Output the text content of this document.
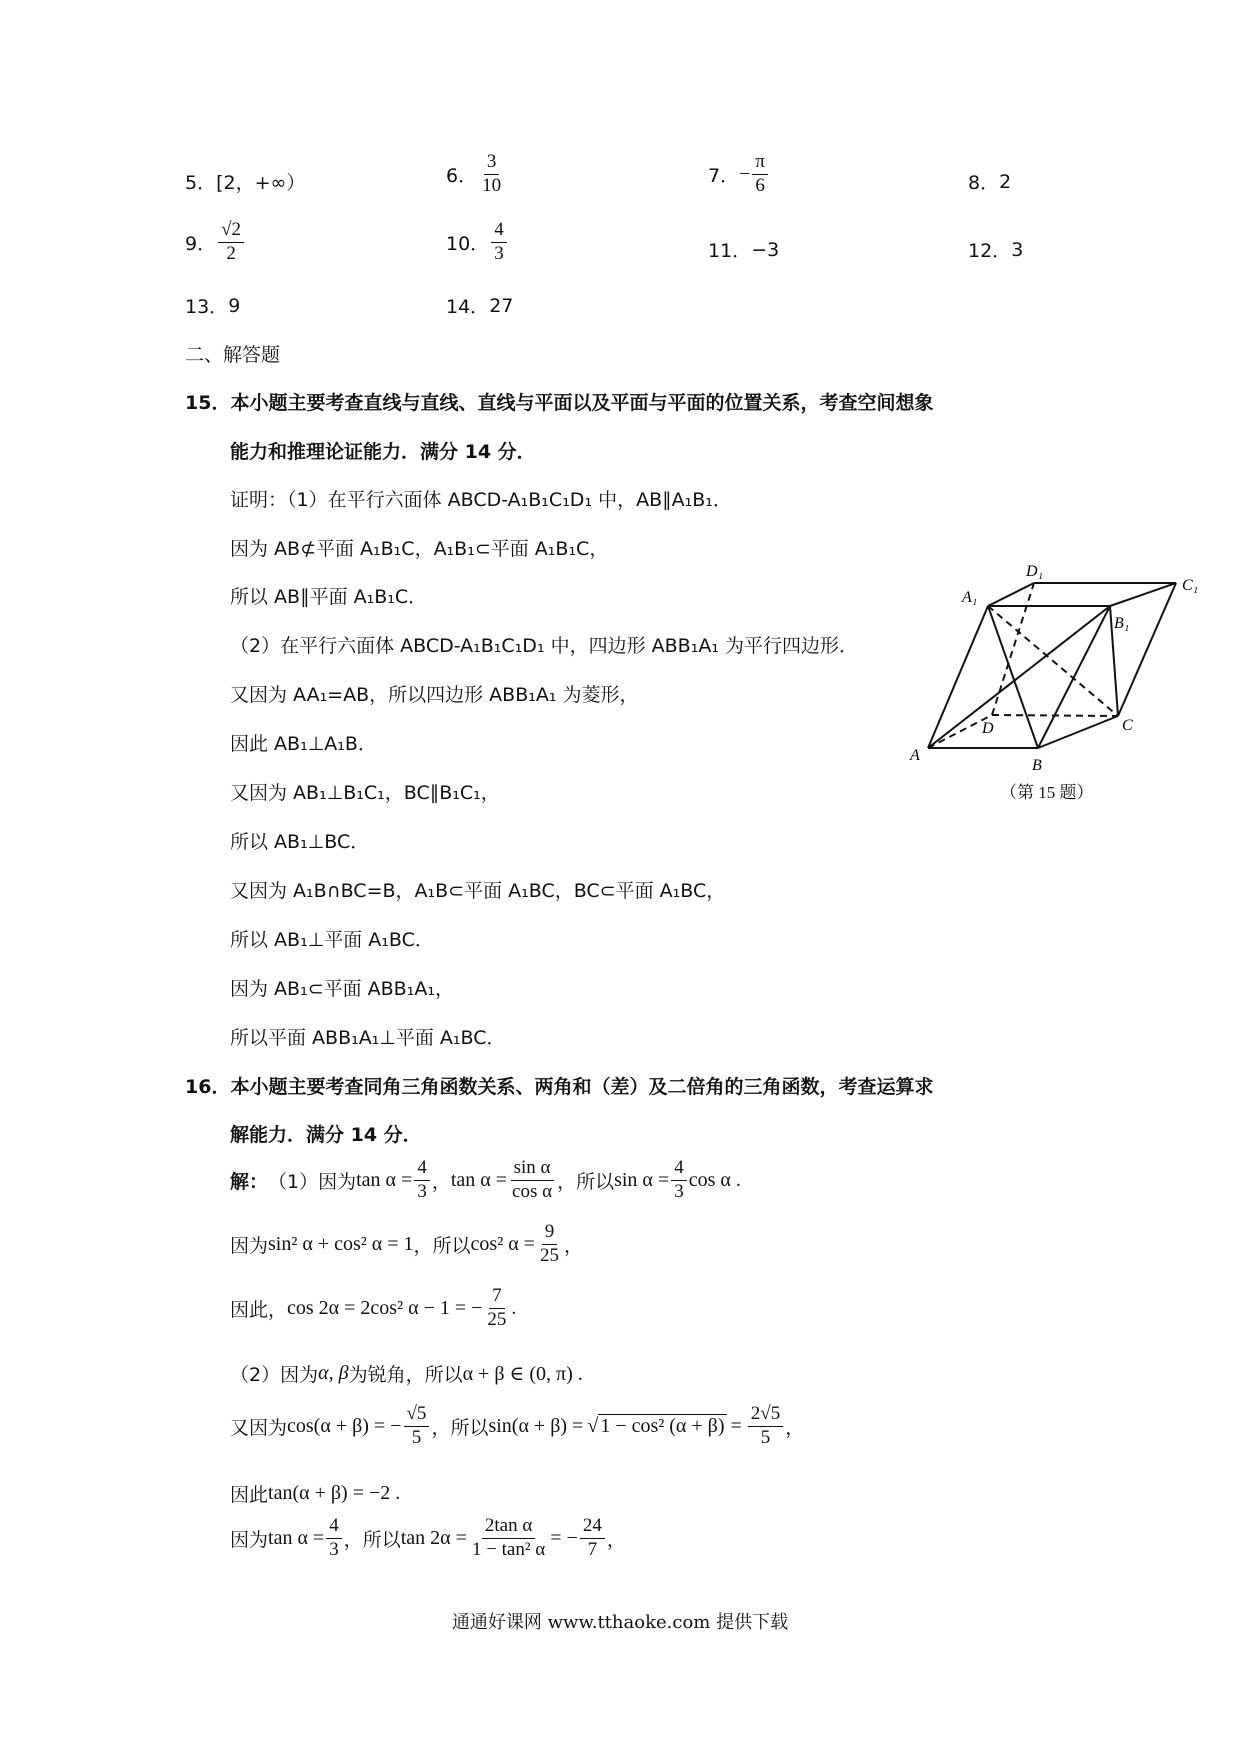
5． [2，+∞）	6． $\frac{3}{10}$	7． − $\frac{\pi}{6}$	8． 2
9． $\frac{√2}{2}$	10． $\frac{4}{3}$	11． −3	12． 3
13． 9	14． 27
二、解答题
15．本小题主要考查直线与直线、直线与平面以及平面与平面的位置关系，考查空间想象
能力和推理论证能力．满分 14 分．
证明：（1）在平行六面体 ABCD-A₁B₁C₁D₁ 中，AB∥A₁B₁．
因为 AB⊄平面 A₁B₁C，A₁B₁⊂平面 A₁B₁C，
所以 AB∥平面 A₁B₁C．
（2）在平行六面体 ABCD-A₁B₁C₁D₁ 中，四边形 ABB₁A₁ 为平行四边形．
又因为 AA₁=AB，所以四边形 ABB₁A₁ 为菱形，
因此 AB₁⊥A₁B．
又因为 AB₁⊥B₁C₁，BC∥B₁C₁，
所以 AB₁⊥BC．
又因为 A₁B∩BC=B，A₁B⊂平面 A₁BC，BC⊂平面 A₁BC，
所以 AB₁⊥平面 A₁BC．
因为 AB₁⊂平面 ABB₁A₁，
所以平面 ABB₁A₁⊥平面 A₁BC．
A
B
C
D
A₁
B₁
C₁
D₁
（第 15 题）
16．本小题主要考查同角三角函数关系、两角和（差）及二倍角的三角函数，考查运算求
解能力．满分 14 分．
解： （1）因为 $\tan \alpha = \frac{4}{3}$ ， $\tan \alpha = \frac{\text{sin α}}{\text{cos α}}$ ，所以 $\sin \alpha = \frac{4}{3}$ cos α .
因为 sin² α + cos² α = 1 ，所以 cos² $\alpha = \frac{9}{25}$ ，
因此， cos 2α = 2cos² α − 1 = − $\frac{7}{25}$ .
（2）因为 α, β 为锐角，所以 α + β ∈ (0, π) .
又因为 cos(α + β) = − $\frac{√5}{5}$ ，所以 sin(α + β) = √ 1 − cos² $(\alpha + \beta) = \frac{2√5}{5}$ ，
因此 tan(α + β) = −2 .
因为 $\tan \alpha = \frac{4}{3}$ ，所以 $\tan 2\alpha = \frac{\text{2tan α}}{\text{1 − tan² α}}$ = − $\frac{24}{7}$ ，
通通好课网 www.tthaoke.com 提供下载
